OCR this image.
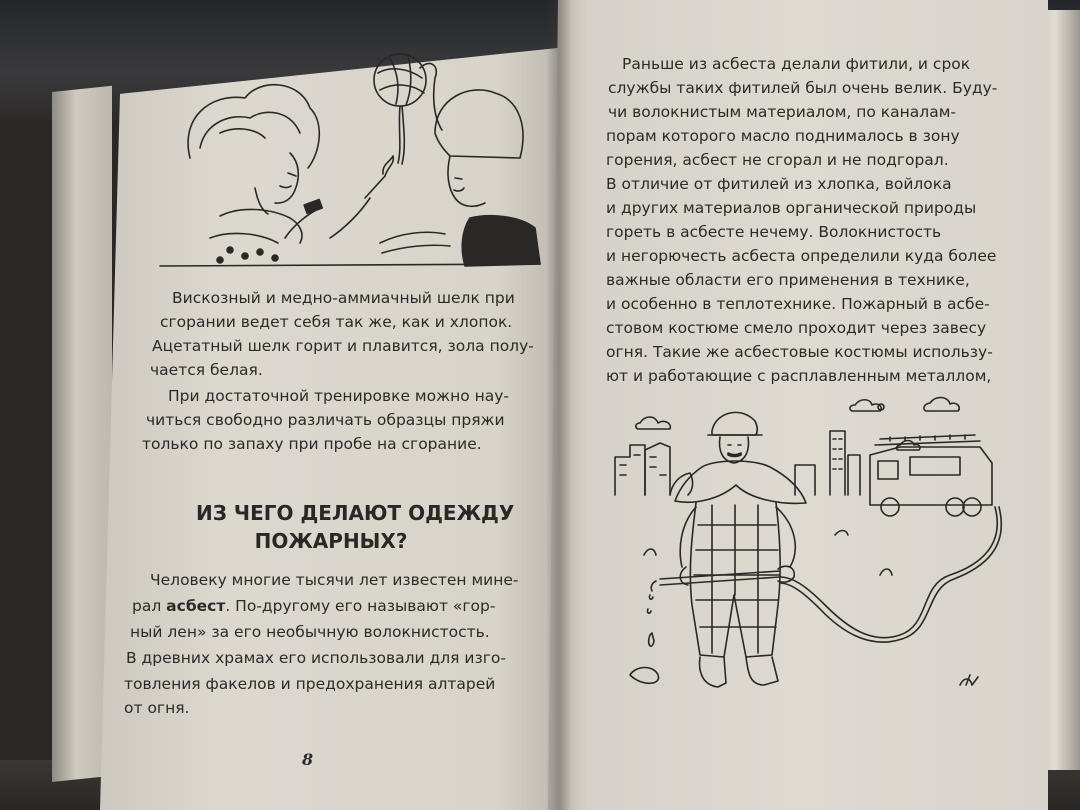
Вискозный и медно-аммиачный шелк при
сгорании ведет себя так же, как и хлопок.
Ацетатный шелк горит и плавится, зола полу-
чается белая.
При достаточной тренировке можно нау-
читься свободно различать образцы пряжи
только по запаху при пробе на сгорание.
ИЗ ЧЕГО ДЕЛАЮТ ОДЕЖДУ
ПОЖАРНЫХ?
Человеку многие тысячи лет известен мине-
рал асбест. По-другому его называют «гор-
ный лен» за его необычную волокнистость.
В древних храмах его использовали для изго-
товления факелов и предохранения алтарей
от огня.
8
Раньше из асбеста делали фитили, и срок
службы таких фитилей был очень велик. Буду-
чи волокнистым материалом, по каналам-
порам которого масло поднималось в зону
горения, асбест не сгорал и не подгорал.
В отличие от фитилей из хлопка, войлока
и других материалов органической природы
гореть в асбесте нечему. Волокнистость
и негорючесть асбеста определили куда более
важные области его применения в технике,
и особенно в теплотехнике. Пожарный в асбе-
стовом костюме смело проходит через завесу
огня. Такие же асбестовые костюмы использу-
ют и работающие с расплавленным металлом,
